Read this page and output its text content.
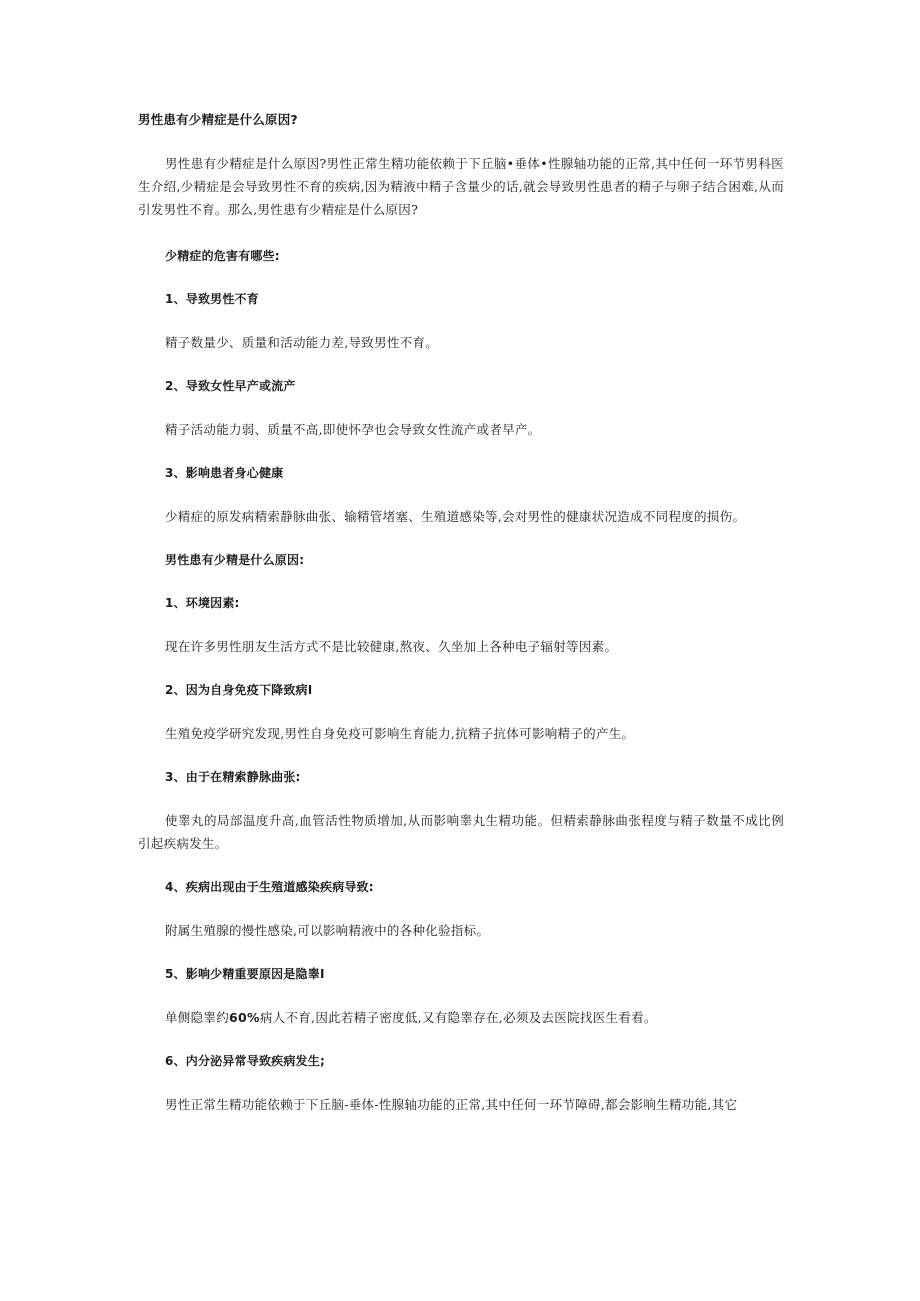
男性患有少精症是什么原因?

男性患有少精症是什么原因?男性正常生精功能依赖于下丘脑•垂体•性腺轴功能的正常,其中任何一环节男科医生介绍,少精症是会导致男性不育的疾病,因为精液中精子含量少的话,就会导致男性患者的精子与卵子结合困难,从而引发男性不育。那么,男性患有少精症是什么原因?

少精症的危害有哪些:
1、导致男性不育

精子数量少、质量和活动能力差,导致男性不育。

2、导致女性早产或流产

精子活动能力弱、质量不高,即使怀孕也会导致女性流产或者早产。

3、影响患者身心健康

少精症的原发病精索静脉曲张、输精管堵塞、生殖道感染等,会对男性的健康状况造成不同程度的损伤。

男性患有少精是什么原因:
1、环境因素:

现在许多男性朋友生活方式不是比较健康,熬夜、久坐加上各种电子辐射等因素。

2、因为自身免疫下降致病I

生殖免疫学研究发现,男性自身免疫可影响生育能力,抗精子抗体可影响精子的产生。

3、由于在精索静脉曲张:

使睾丸的局部温度升高,血管活性物质增加,从而影响睾丸生精功能。但精索静脉曲张程度与精子数量不成比例引起疾病发生。

4、疾病出现由于生殖道感染疾病导致:

附属生殖腺的慢性感染,可以影响精液中的各种化验指标。

5、影响少精重要原因是隐睾I

单侧隐睾约60%病人不育,因此若精子密度低,又有隐睾存在,必须及去医院找医生看看。

6、内分泌异常导致疾病发生;

男性正常生精功能依赖于下丘脑-垂体-性腺轴功能的正常,其中任何一环节障碍,都会影响生精功能,其它
